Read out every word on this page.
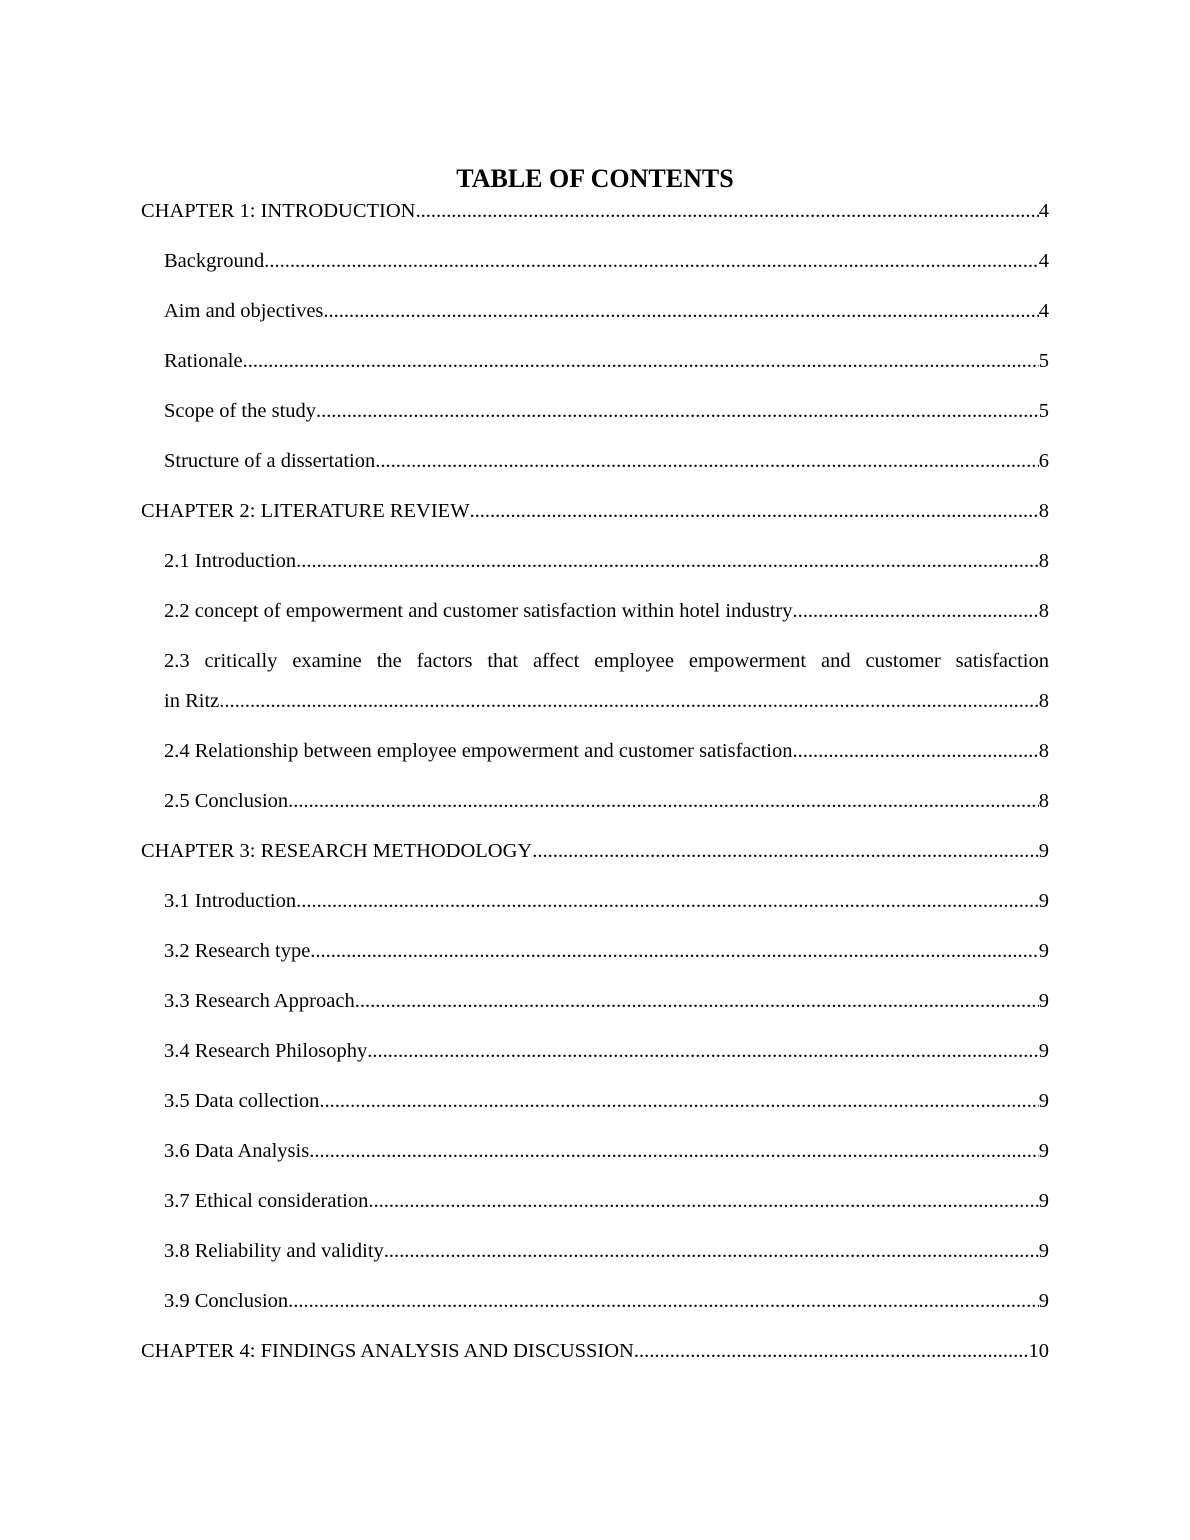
TABLE OF CONTENTS
CHAPTER 1: INTRODUCTION .....	4
Background .....	4
Aim and objectives .....	4
Rationale .....	5
Scope of the study .....	5
Structure of a dissertation .....	6
CHAPTER 2: LITERATURE REVIEW .....	8
2.1 Introduction .....	8
2.2 concept of empowerment and customer satisfaction within hotel industry .....	8
2.3 critically examine the factors that affect employee empowerment and customer satisfaction
in Ritz .....	8
2.4 Relationship between employee empowerment and customer satisfaction .....	8
2.5 Conclusion .....	8
CHAPTER 3: RESEARCH METHODOLOGY .....	9
3.1 Introduction .....	9
3.2 Research type .....	9
3.3 Research Approach .....	9
3.4 Research Philosophy .....	9
3.5 Data collection .....	9
3.6 Data Analysis .....	9
3.7 Ethical consideration .....	9
3.8 Reliability and validity .....	9
3.9 Conclusion .....	9
CHAPTER 4: FINDINGS ANALYSIS AND DISCUSSION .....	10
